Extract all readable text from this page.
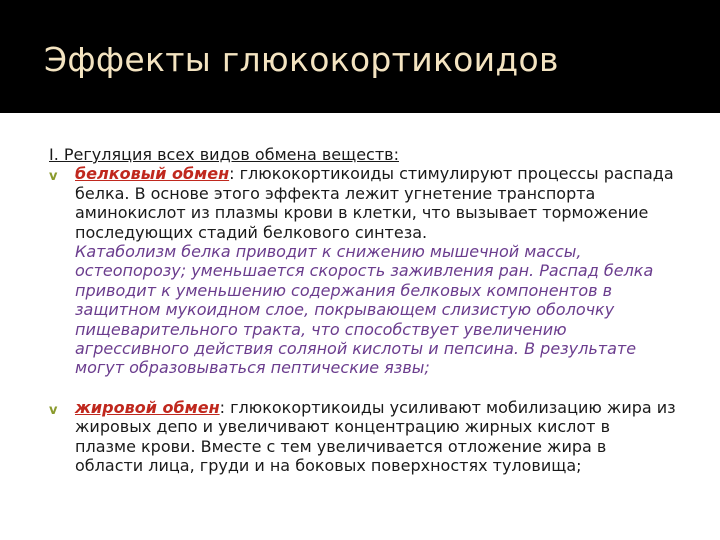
Эффекты глюкокортикоидов
I. Регуляция всех видов обмена веществ:
v белковый обмен: глюкокортикоиды стимулируют процессы распада
белка. В основе этого эффекта лежит угнетение транспорта
аминокислот из плазмы крови в клетки, что вызывает торможение
последующих стадий белкового синтеза.
Катаболизм белка приводит к снижению мышечной массы,
остеопорозу; уменьшается скорость заживления ран. Распад белка
приводит к уменьшению содержания белковых компонентов в
защитном мукоидном слое, покрывающем слизистую оболочку
пищеварительного тракта, что способствует увеличению
агрессивного действия соляной кислоты и пепсина. В результате
могут образовываться пептические язвы;
v жировой обмен: глюкокортикоиды усиливают мобилизацию жира из
жировых депо и увеличивают концентрацию жирных кислот в
плазме крови. Вместе с тем увеличивается отложение жира в
области лица, груди и на боковых поверхностях туловища;
